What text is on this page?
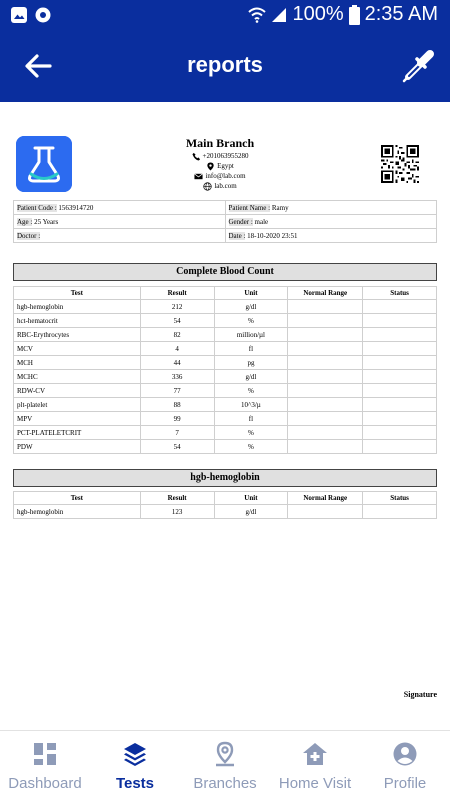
100% 2:35 AM
reports
Main Branch
+201063955280
Egypt
info@lab.com
lab.com
Patient Code : 1563914720	Patient Name : Ramy
Age : 25 Years	Gender : male
Doctor :	Date : 18-10-2020 23:51
Complete Blood Count
Test	Result	Unit	Normal Range	Status
hgb-hemoglobin	212	g/dl		
hct-hematocrit	54	%		
RBC-Erythrocytes	82	million/µl		
MCV	4	fl		
MCH	44	pg		
MCHC	336	g/dl		
RDW-CV	77	%		
plt-platelet	88	10^3/µ		
MPV	99	fl		
PCT-PLATELETCRIT	7	%		
PDW	54	%		
hgb-hemoglobin
Test	Result	Unit	Normal Range	Status
hgb-hemoglobin	123	g/dl		
Signature
Dashboard	Tests	Branches	Home Visit	Profile
